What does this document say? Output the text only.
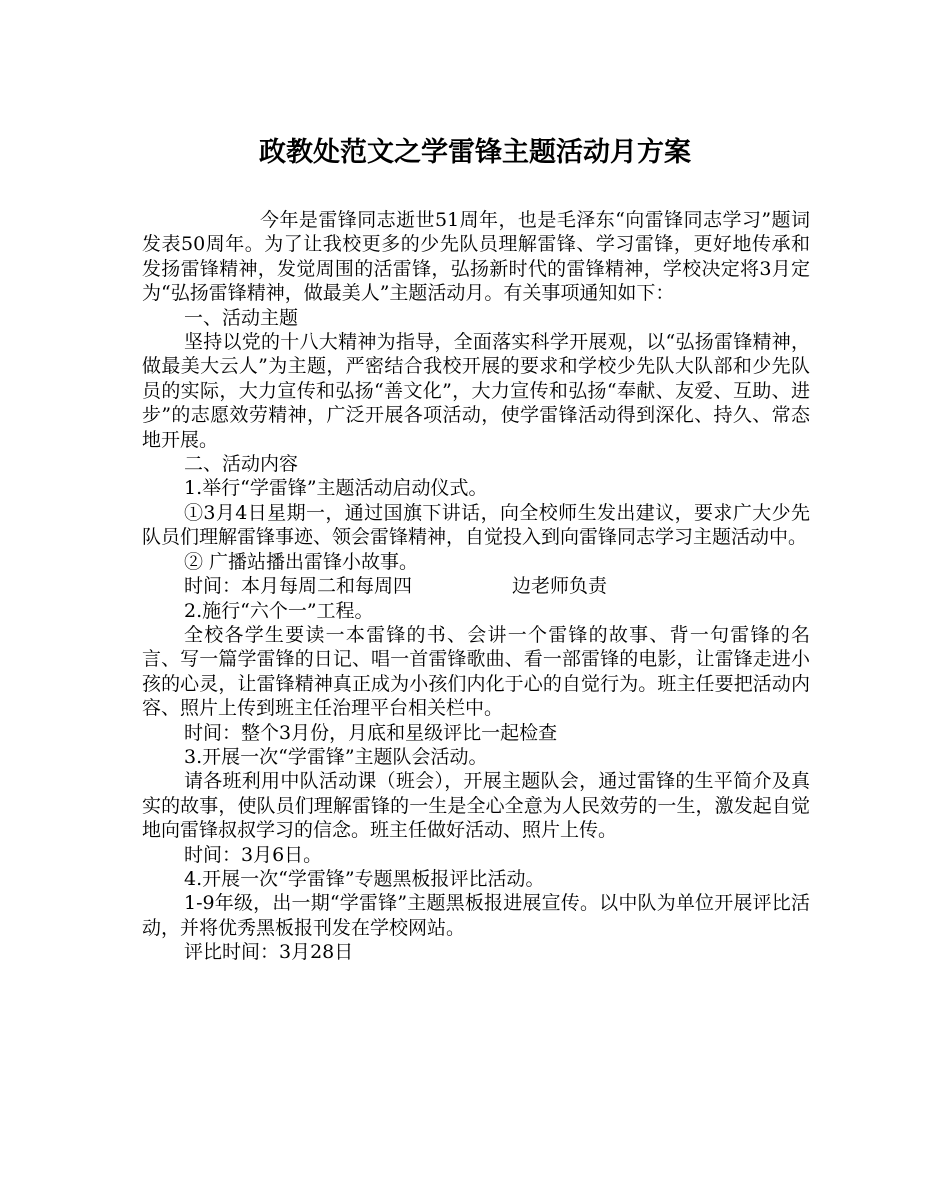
政教处范文之学雷锋主题活动月方案

今年是雷锋同志逝世51周年，也是毛泽东“向雷锋同志学习”题词发表50周年。为了让我校更多的少先队员理解雷锋、学习雷锋，更好地传承和发扬雷锋精神，发觉周围的活雷锋，弘扬新时代的雷锋精神，学校决定将3月定为“弘扬雷锋精神，做最美人”主题活动月。有关事项通知如下：

一、活动主题

坚持以党的十八大精神为指导，全面落实科学开展观，以“弘扬雷锋精神，做最美大云人”为主题，严密结合我校开展的要求和学校少先队大队部和少先队员的实际，大力宣传和弘扬“善文化”，大力宣传和弘扬“奉献、友爱、互助、进步”的志愿效劳精神，广泛开展各项活动，使学雷锋活动得到深化、持久、常态地开展。

二、活动内容

1.举行“学雷锋”主题活动启动仪式。

①3月4日星期一，通过国旗下讲话，向全校师生发出建议，要求广大少先队员们理解雷锋事迹、领会雷锋精神，自觉投入到向雷锋同志学习主题活动中。

② 广播站播出雷锋小故事。

时间：本月每周二和每周四	边老师负责

2.施行“六个一”工程。

全校各学生要读一本雷锋的书、会讲一个雷锋的故事、背一句雷锋的名言、写一篇学雷锋的日记、唱一首雷锋歌曲、看一部雷锋的电影，让雷锋走进小孩的心灵，让雷锋精神真正成为小孩们内化于心的自觉行为。班主任要把活动内容、照片上传到班主任治理平台相关栏中。

时间：整个3月份，月底和星级评比一起检查

3.开展一次“学雷锋”主题队会活动。

请各班利用中队活动课（班会），开展主题队会，通过雷锋的生平简介及真实的故事，使队员们理解雷锋的一生是全心全意为人民效劳的一生，激发起自觉地向雷锋叔叔学习的信念。班主任做好活动、照片上传。

时间：3月6日。

4.开展一次“学雷锋”专题黑板报评比活动。

1-9年级，出一期“学雷锋”主题黑板报进展宣传。以中队为单位开展评比活动，并将优秀黑板报刊发在学校网站。

评比时间：3月28日
